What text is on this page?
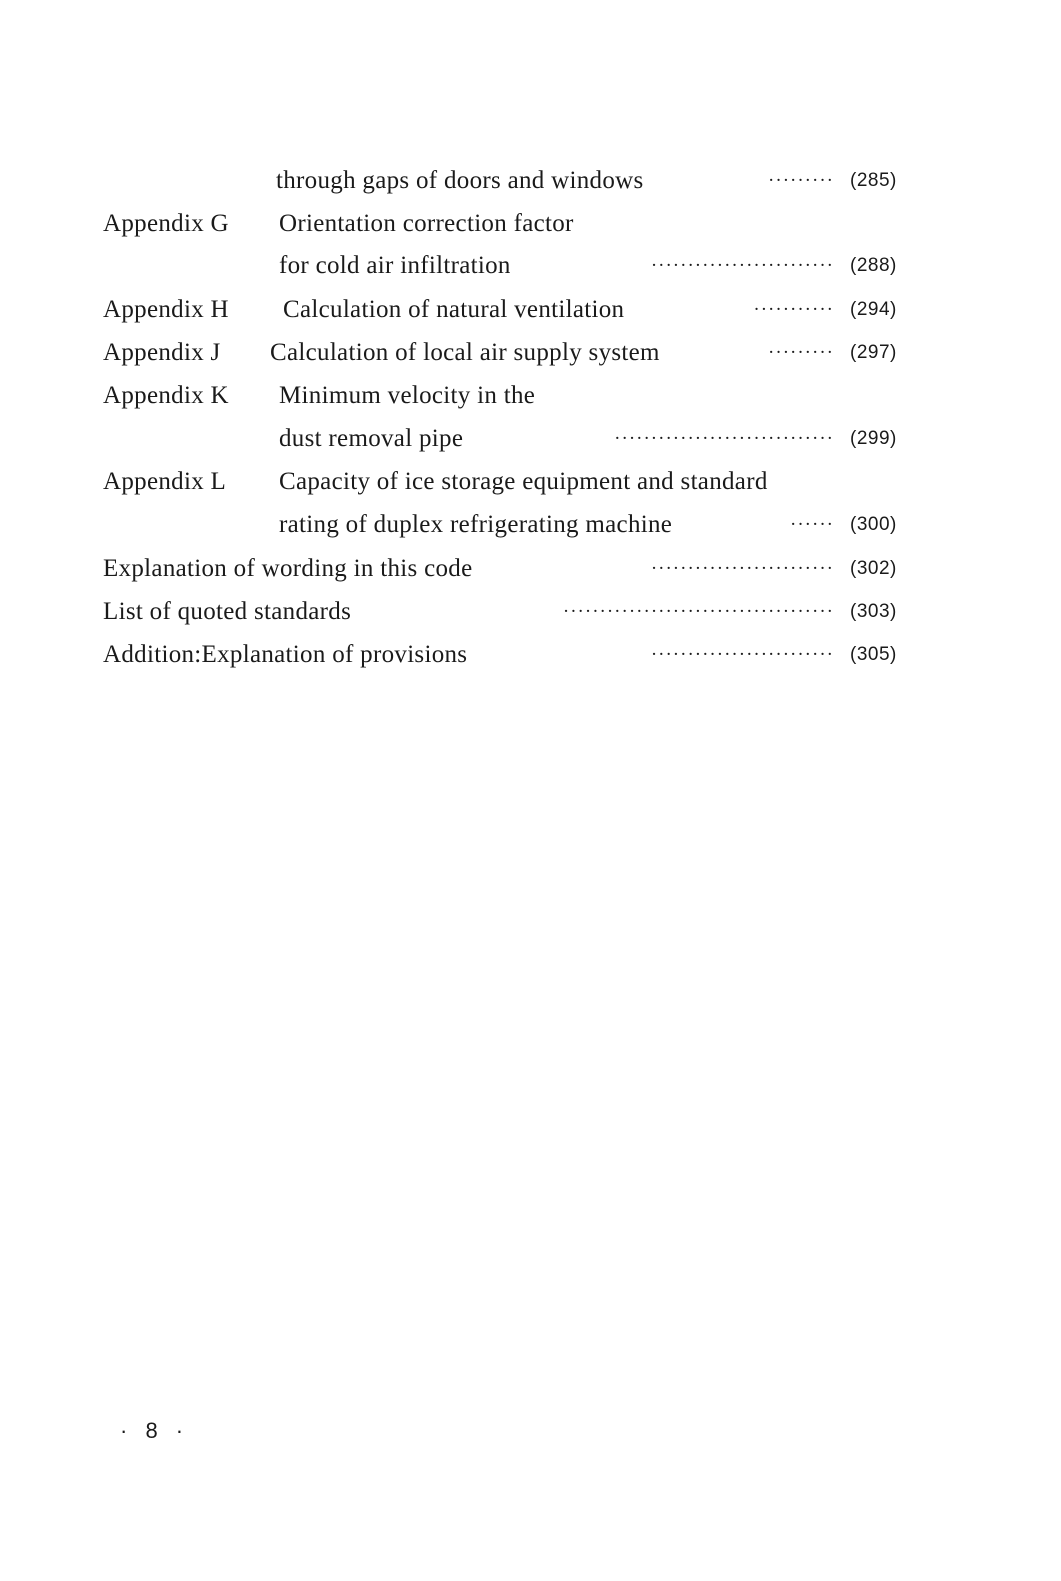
through gaps of doors and windows	········· (285)
Appendix G Orientation correction factor
for cold air infiltration	························· (288)
Appendix H Calculation of natural ventilation	··········· (294)
Appendix J Calculation of local air supply system	········· (297)
Appendix K Minimum velocity in the
dust removal pipe	······························ (299)
Appendix L Capacity of ice storage equipment and standard
rating of duplex refrigerating machine	······ (300)
Explanation of wording in this code	························· (302)
List of quoted standards	····································· (303)
Addition:Explanation of provisions	························· (305)
· 8 ·
